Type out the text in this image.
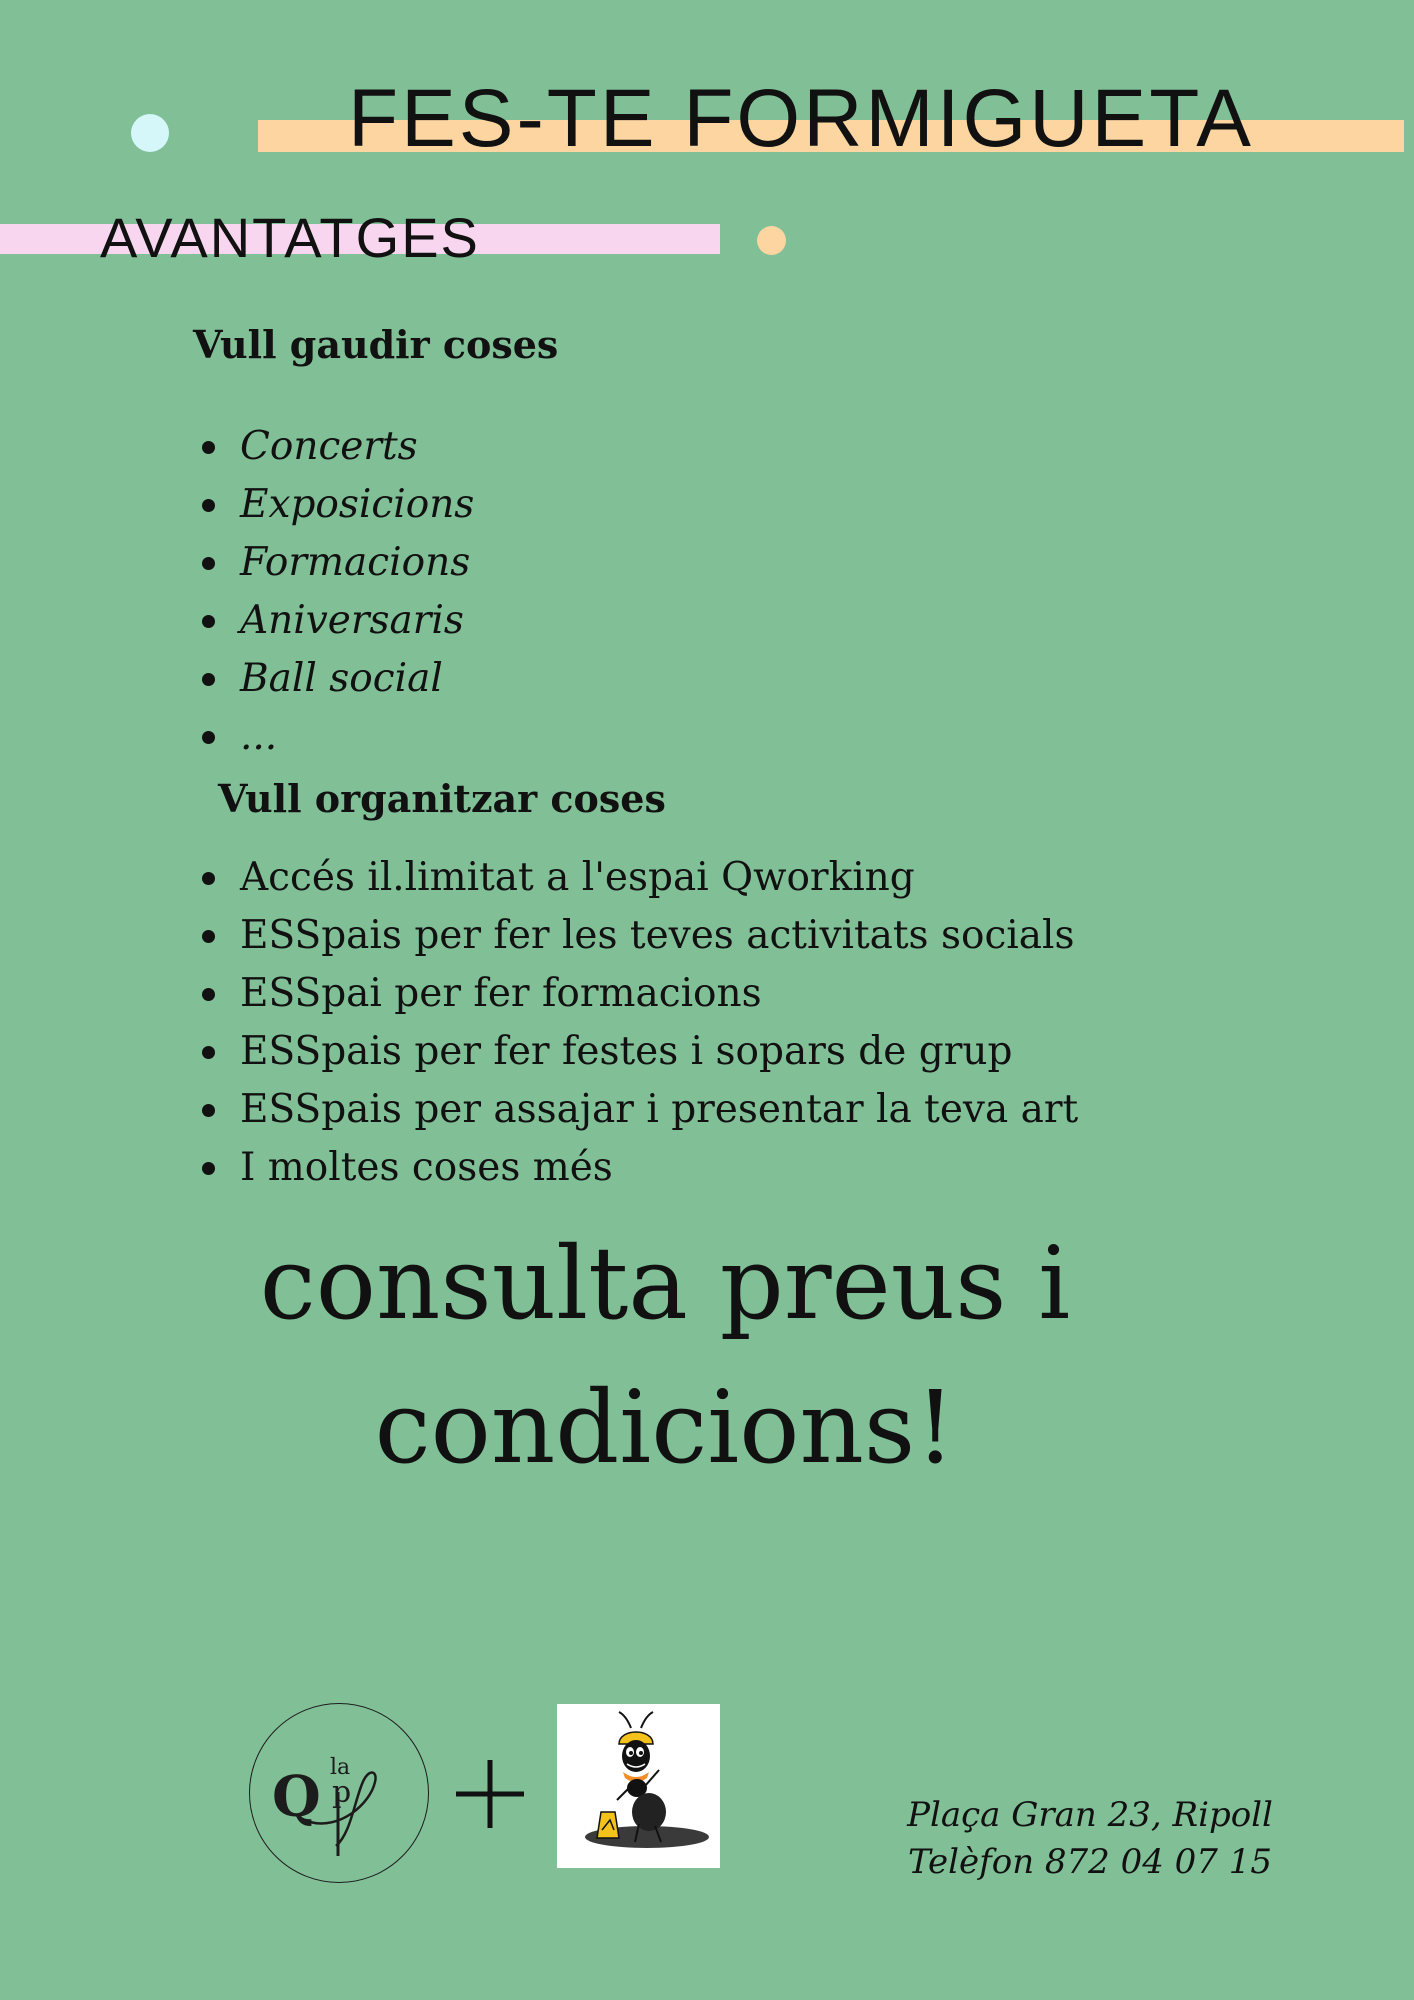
FES-TE FORMIGUETA
AVANTATGES
Vull gaudir coses
Concerts
Exposicions
Formacions
Aniversaris
Ball social
...
Vull organitzar coses
Accés il.limitat a l'espai Qworking
ESSpais per fer les teves activitats socials
ESSpai per fer formacions
ESSpais per fer festes i sopars de grup
ESSpais per assajar i presentar la teva art
I moltes coses més

consulta preus i
condicions!

Q la
p

Plaça Gran 23, Ripoll
Telèfon 872 04 07 15
